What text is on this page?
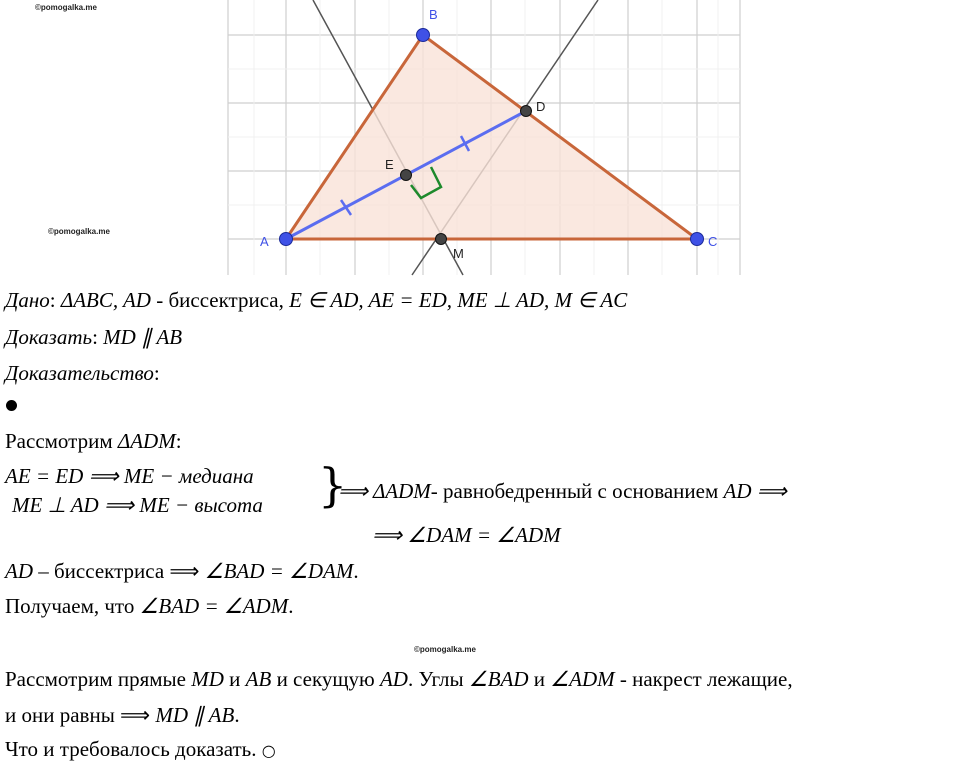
©pomogalka.me
©pomogalka.me
©pomogalka.me
A
B
C
D
E
M
Дано: ΔABC, AD - биссектриса, E ∈ AD, AE = ED, ME ⊥ AD, M ∈ AC
Доказать: MD ∥ AB
Доказательство:
Рассмотрим ΔADM:
AE = ED ⟹ ME − медиана
ME ⊥ AD ⟹ ME − высота }
⟹ ΔADM- равнобедренный с основанием AD ⟹
⟹ ∠DAM = ∠ADM
AD – биссектриса ⟹ ∠BAD = ∠DAM.
Получаем, что ∠BAD = ∠ADM.
Рассмотрим прямые MD и AB и секущую AD. Углы ∠BAD и ∠ADM - накрест лежащие,
и они равны ⟹ MD ∥ AB.
Что и требовалось доказать. ○
